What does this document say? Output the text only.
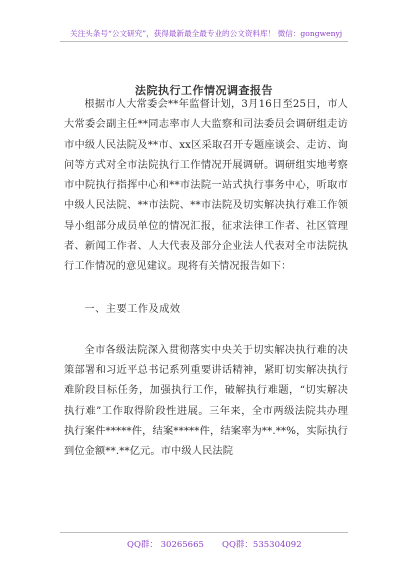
关注头条号“公文研究”，获得最新最全最专业的公文资料库！ 微信：gongwenyj
法院执行工作情况调查报告

根据市人大常委会**年监督计划，3月16日至25日，市人大常委会副主任**同志率市人大监察和司法委员会调研组走访市中级人民法院及**市、xx区采取召开专题座谈会、走访、询问等方式对全市法院执行工作情况开展调研。调研组实地考察市中院执行指挥中心和**市法院一站式执行事务中心，听取市中级人民法院、**市法院、**市法院及切实解决执行难工作领导小组部分成员单位的情况汇报，征求法律工作者、社区管理者、新闻工作者、人大代表及部分企业法人代表对全市法院执行工作情况的意见建议。现将有关情况报告如下：

一、主要工作及成效

全市各级法院深入贯彻落实中央关于切实解决执行难的决策部署和习近平总书记系列重要讲话精神，紧盯切实解决执行难阶段目标任务，加强执行工作，破解执行难题，“切实解决执行难”工作取得阶段性进展。三年来，全市两级法院共办理执行案件*****件，结案*****件，结案率为**.**%，实际执行到位金额**.**亿元。市中级人民法院

QQ群： 30265665 QQ群：535304092
